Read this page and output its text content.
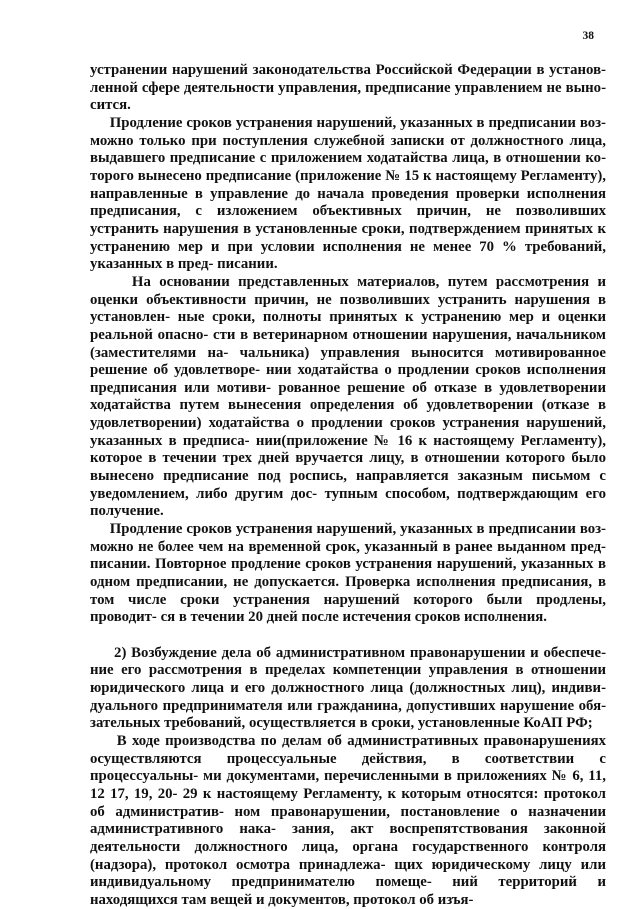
38

устранении нарушений законодательства Российской Федерации в установ- ленной сфере деятельности управления, предписание управлением не выно- сится.

Продление сроков устранения нарушений, указанных в предписании воз- можно только при поступления служебной записки от должностного лица, выдавшего предписание с приложением ходатайства лица, в отношении ко- торого вынесено предписание (приложение № 15 к настоящему Регламенту), направленные в управление до начала проведения проверки исполнения предписания, с изложением объективных причин, не позволивших устранить нарушения в установленные сроки, подтверждением принятых к устранению мер и при условии исполнения не менее 70 % требований, указанных в пред- писании.

На основании представленных материалов, путем рассмотрения и оценки объективности причин, не позволивших устранить нарушения в установлен- ные сроки, полноты принятых к устранению мер и оценки реальной опасно- сти в ветеринарном отношении нарушения, начальником (заместителями на- чальника) управления выносится мотивированное решение об удовлетворе- нии ходатайства о продлении сроков исполнения предписания или мотиви- рованное решение об отказе в удовлетворении ходатайства путем вынесения определения об удовлетворении (отказе в удовлетворении) ходатайства о продлении сроков устранения нарушений, указанных в предписа- нии(приложение № 16 к настоящему Регламенту), которое в течении трех дней вручается лицу, в отношении которого было вынесено предписание под роспись, направляется заказным письмом с уведомлением, либо другим дос- тупным способом, подтверждающим его получение.

Продление сроков устранения нарушений, указанных в предписании воз- можно не более чем на временной срок, указанный в ранее выданном пред- писании. Повторное продление сроков устранения нарушений, указанных в одном предписании, не допускается. Проверка исполнения предписания, в том числе сроки устранения нарушений которого были продлены, проводит- ся в течении 20 дней после истечения сроков исполнения.

2) Возбуждение дела об административном правонарушении и обеспече- ние его рассмотрения в пределах компетенции управления в отношении юридического лица и его должностного лица (должностных лиц), индиви- дуального предпринимателя или гражданина, допустивших нарушение обя- зательных требований, осуществляется в сроки, установленные КоАП РФ;

В ходе производства по делам об административных правонарушениях осуществляются процессуальные действия, в соответствии с процессуальны- ми документами, перечисленными в приложениях № 6, 11, 12 17, 19, 20- 29 к настоящему Регламенту, к которым относятся: протокол об административ- ном правонарушении, постановление о назначении административного нака- зания, акт воспрепятствования законной деятельности должностного лица, органа государственного контроля (надзора), протокол осмотра принадлежа- щих юридическому лицу или индивидуальному предпринимателю помеще- ний территорий и находящихся там вещей и документов, протокол об изъя-
